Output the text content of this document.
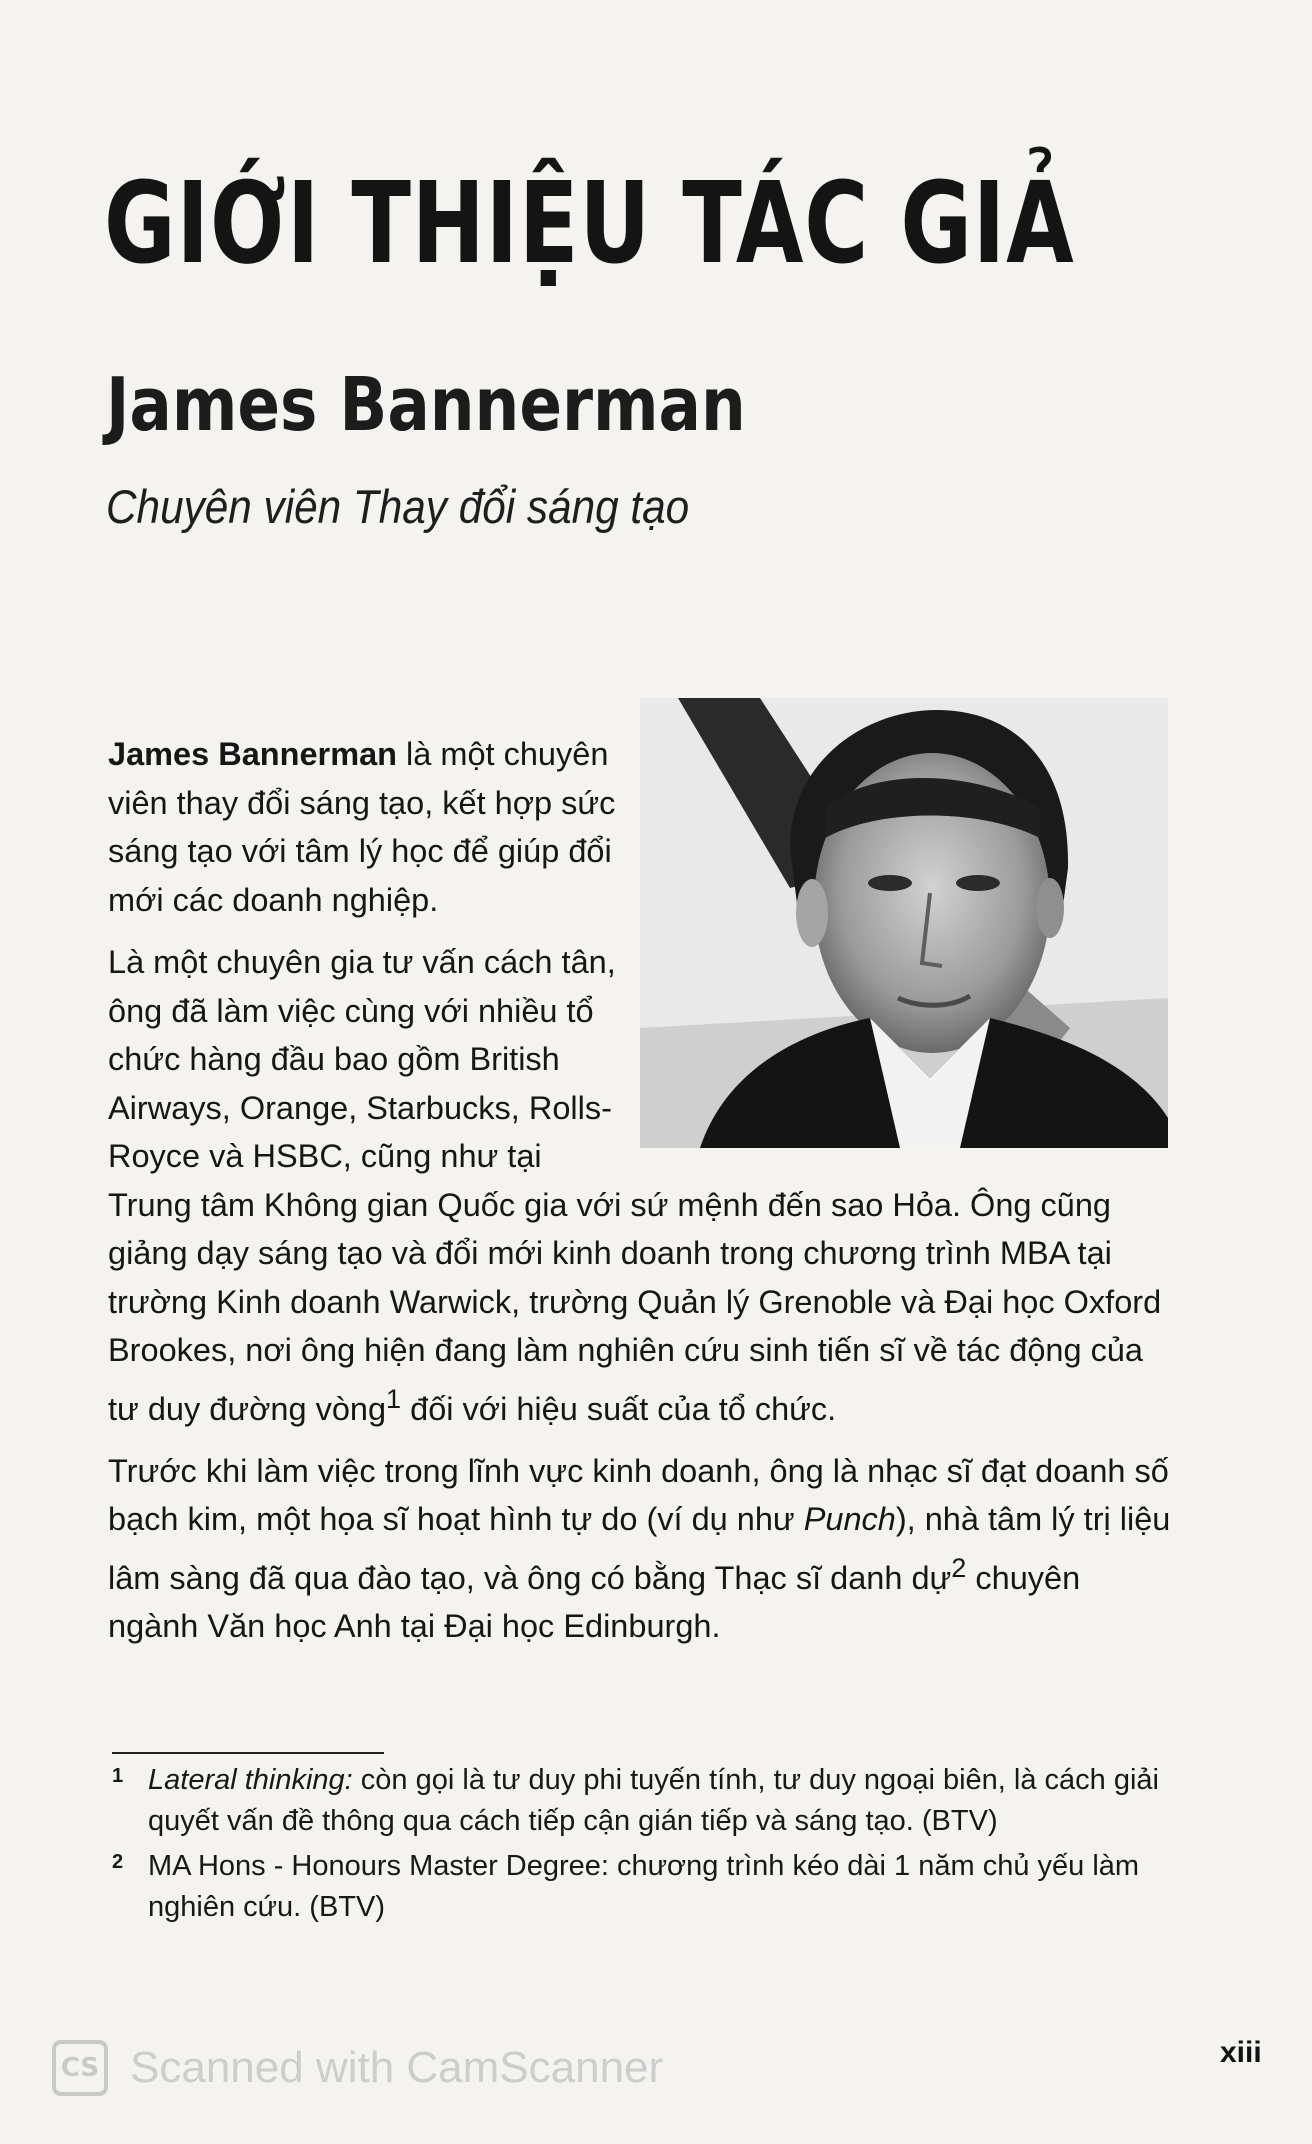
GIỚI THIỆU TÁC GIẢ
James Bannerman
Chuyên viên Thay đổi sáng tạo

James Bannerman là một chuyên viên thay đổi sáng tạo, kết hợp sức sáng tạo với tâm lý học để giúp đổi mới các doanh nghiệp.

Là một chuyên gia tư vấn cách tân, ông đã làm việc cùng với nhiều tổ chức hàng đầu bao gồm British Airways, Orange, Starbucks, Rolls-Royce và HSBC, cũng như tại Trung tâm Không gian Quốc gia với sứ mệnh đến sao Hỏa. Ông cũng giảng dạy sáng tạo và đổi mới kinh doanh trong chương trình MBA tại trường Kinh doanh Warwick, trường Quản lý Grenoble và Đại học Oxford Brookes, nơi ông hiện đang làm nghiên cứu sinh tiến sĩ về tác động của tư duy đường vòng$^1$ đối với hiệu suất của tổ chức.

Trước khi làm việc trong lĩnh vực kinh doanh, ông là nhạc sĩ đạt doanh số bạch kim, một họa sĩ hoạt hình tự do (ví dụ như Punch), nhà tâm lý trị liệu lâm sàng đã qua đào tạo, và ông có bằng Thạc sĩ danh dự$^2$ chuyên ngành Văn học Anh tại Đại học Edinburgh.

1 Lateral thinking: còn gọi là tư duy phi tuyến tính, tư duy ngoại biên, là cách giải quyết vấn đề thông qua cách tiếp cận gián tiếp và sáng tạo. (BTV)

2 MA Hons - Honours Master Degree: chương trình kéo dài 1 năm chủ yếu làm nghiên cứu. (BTV)

xiii
CS Scanned with CamScanner
